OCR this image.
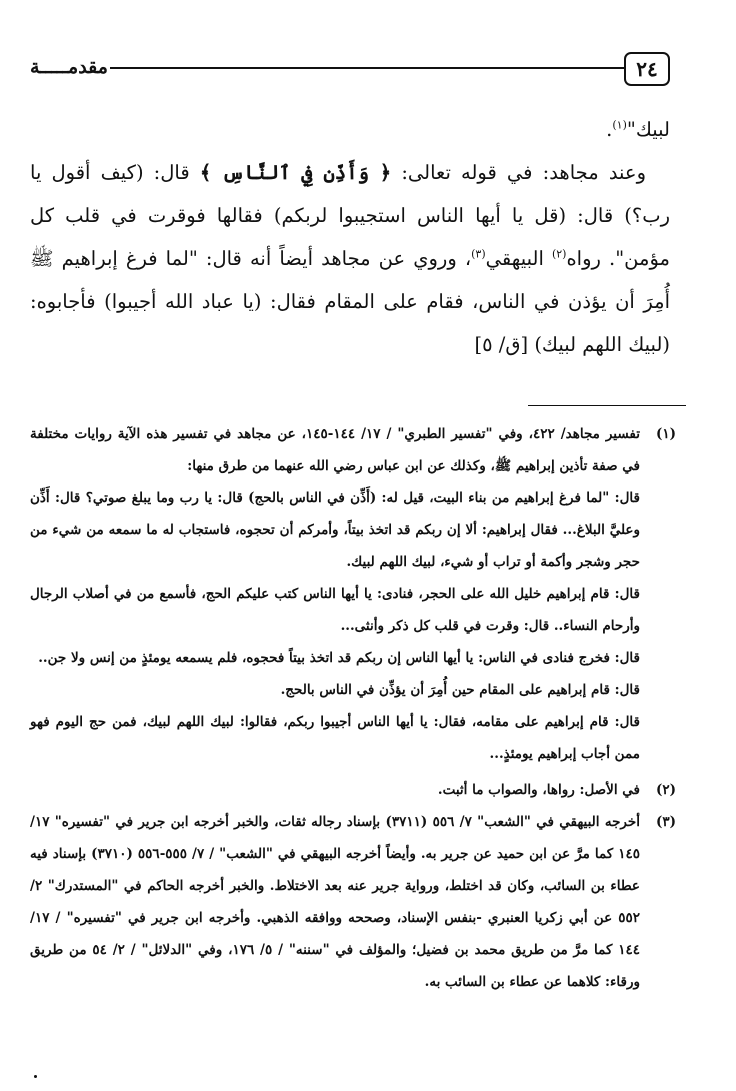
٢٤
مقدمـــــة

لبيك"$^{(١)}$.

وعند مجاهد: في قوله تعالى: ﴿ وَأَذِّن فِي ٱلنَّاسِ ﴾ قال: (كيف أقول يا رب؟) قال: (قل يا أيها الناس استجيبوا لربكم) فقالها فوقرت في قلب كل مؤمن". رواه$^{(٢)}$ البيهقي$^{(٣)}$، وروي عن مجاهد أيضاً أنه قال: "لما فرغ إبراهيم ﷺ أُمِرَ أن يؤذن في الناس، فقام على المقام فقال: (يا عباد الله أجيبوا) فأجابوه: (لبيك اللهم لبيك) [ق/ ٥]

(١)

تفسير مجاهد/ ٤٢٢، وفي "تفسير الطبري" / ١٧/ ١٤٤-١٤٥، عن مجاهد في تفسير هذه الآية روايات مختلفة في صفة تأذين إبراهيم ﷺ، وكذلك عن ابن عباس رضي الله عنهما من طرق منها:

قال: "لما فرغ إبراهيم من بناء البيت، قيل له: (أَذِّن في الناس بالحج) قال: يا رب وما يبلغ صوتي؟ قال: أَذِّن وعليَّ البلاغ... فقال إبراهيم: ألا إن ربكم قد اتخذ بيتاً، وأمركم أن تحجوه، فاستجاب له ما سمعه من شيء من حجر وشجر وأكمة أو تراب أو شيء، لبيك اللهم لبيك.

قال: قام إبراهيم خليل الله على الحجر، فنادى: يا أيها الناس كتب عليكم الحج، فأسمع من في أصلاب الرجال وأرحام النساء.. قال: وقرت في قلب كل ذكر وأنثى...

قال: فخرج فنادى في الناس: يا أيها الناس إن ربكم قد اتخذ بيتاً فحجوه، فلم يسمعه يومئذٍ من إنس ولا جن..

قال: قام إبراهيم على المقام حين أُمِرَ أن يؤذِّن في الناس بالحج.

قال: قام إبراهيم على مقامه، فقال: يا أيها الناس أجيبوا ربكم، فقالوا: لبيك اللهم لبيك، فمن حج اليوم فهو ممن أجاب إبراهيم يومئذٍ...

(٢)
في الأصل: رواها، والصواب ما أثبت.
(٣)
أخرجه البيهقي في "الشعب" ٧/ ٥٥٦ (٣٧١١) بإسناد رجاله ثقات، والخبر أخرجه ابن جرير في "تفسيره" ١٧/ ١٤٥ كما مرَّ عن ابن حميد عن جرير به. وأيضاً أخرجه البيهقي في "الشعب" / ٧/ ٥٥٥-٥٥٦ (٣٧١٠) بإسناد فيه عطاء بن السائب، وكان قد اختلط، ورواية جرير عنه بعد الاختلاط. والخبر أخرجه الحاكم في "المستدرك" ٢/ ٥٥٢ عن أبي زكريا العنبري -بنفس الإسناد، وصححه ووافقه الذهبي. وأخرجه ابن جرير في "تفسيره" / ١٧/ ١٤٤ كما مرَّ من طريق محمد بن فضيل؛ والمؤلف في "سننه" / ٥/ ١٧٦، وفي "الدلائل" / ٢/ ٥٤ من طريق ورقاء: كلاهما عن عطاء بن السائب به.
